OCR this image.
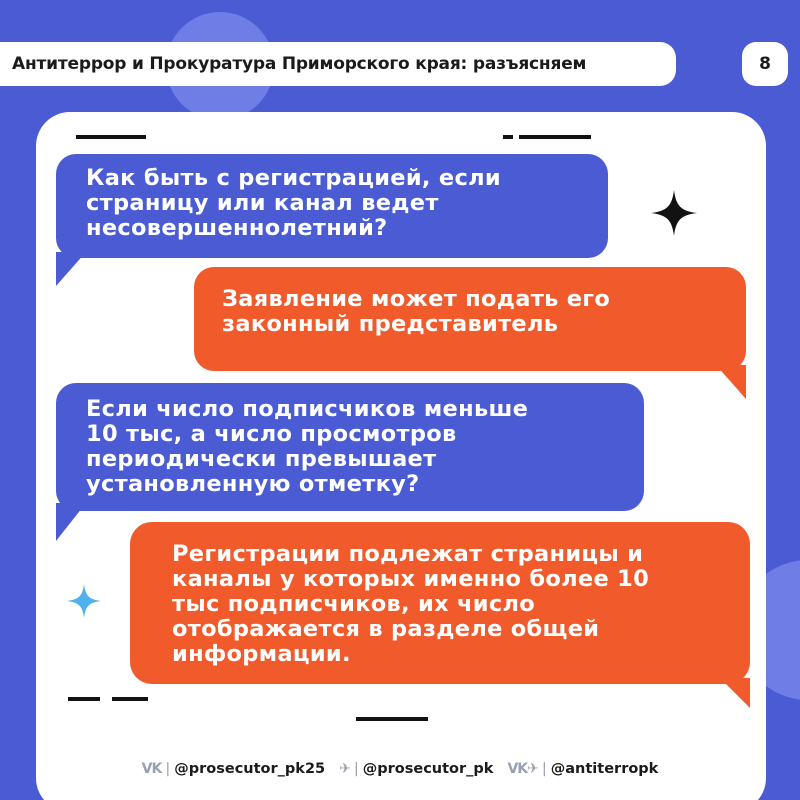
Антитеррор и Прокуратура Приморского края: разъясняем	8
Как быть с регистрацией, если
страницу или канал ведет
несовершеннолетний?
Заявление может подать его
законный представитель
Если число подписчиков меньше
10 тыс, а число просмотров
периодически превышает
установленную отметку?
Регистрации подлежат страницы и
каналы у которых именно более 10
тыс подписчиков, их число
отображается в разделе общей
информации.
VK | @prosecutor_pk25 ✈ | @prosecutor_pk VK✈ | @antiterropk
